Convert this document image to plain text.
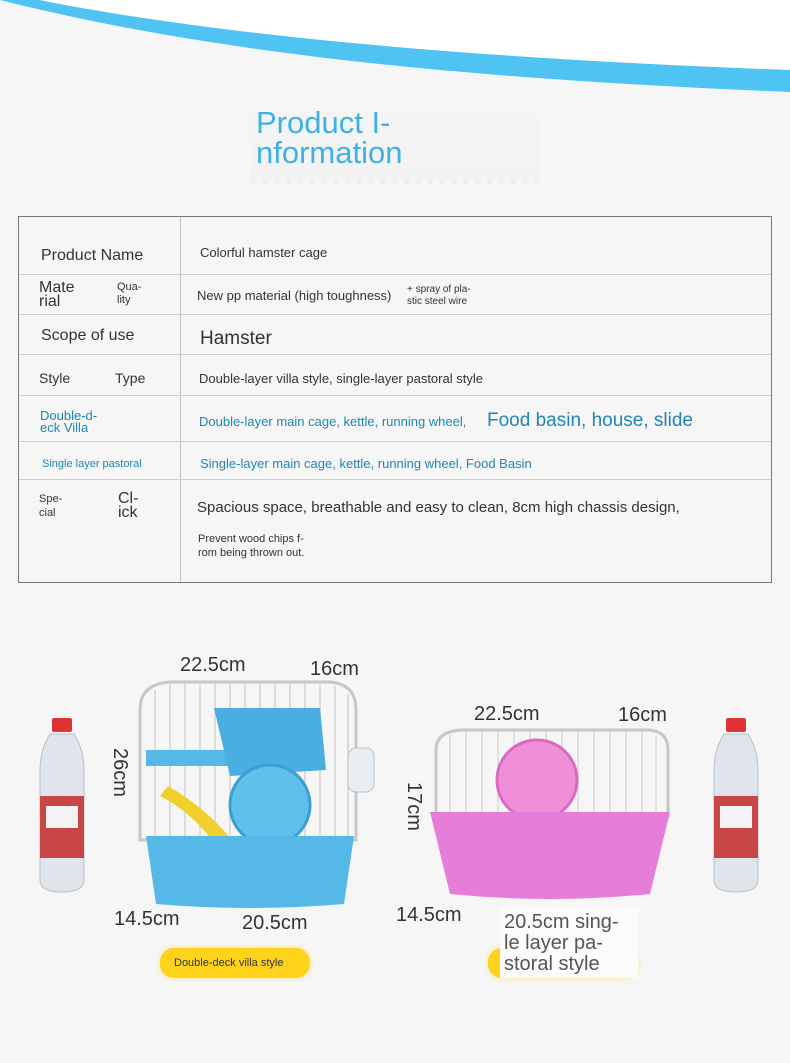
Product I-
nformation
Product Name	Colorful hamster cage
Mate
rial
Qua-
lity	New pp material (high toughness) + spray of pla-
stic steel wire
Scope of use	Hamster
Style	Type	Double-layer villa style, single-layer pastoral style
Double-d-
eck Villa	Double-layer main cage, kettle, running wheel, Food basin, house, slide
Single layer pastoral	Single-layer main cage, kettle, running wheel, Food Basin
Spe-
cial
Cl-
ick	Spacious space, breathable and easy to clean, 8cm high chassis design,
Prevent wood chips f-
rom being thrown out.
22.5cm	16cm
26cm
14.5cm	20.5cm
Double-deck villa style
22.5cm	16cm
17cm
14.5cm 20.5cm sing-
le layer pa-
storal style
